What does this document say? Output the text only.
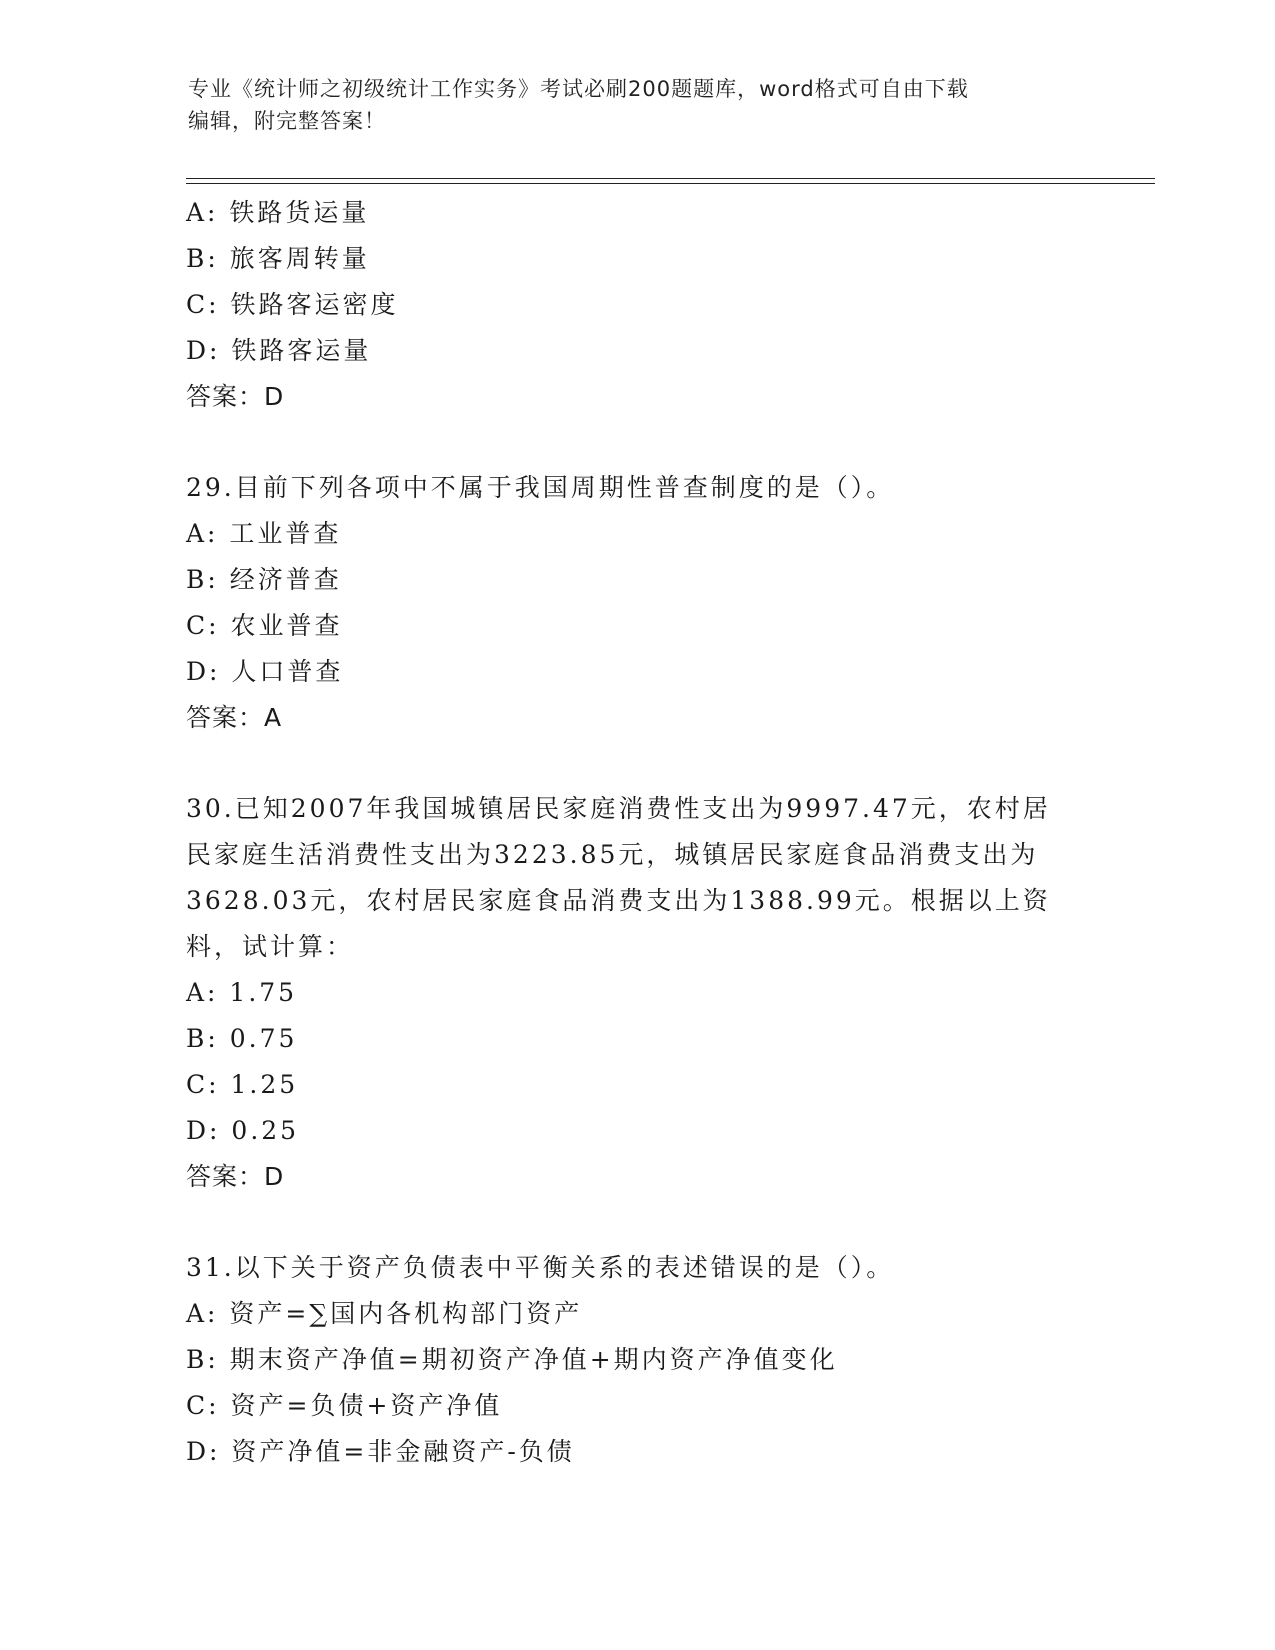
专业《统计师之初级统计工作实务》考试必刷200题题库，word格式可自由下载
编辑，附完整答案！
A: 铁路货运量
B: 旅客周转量
C: 铁路客运密度
D: 铁路客运量
答案：D
29.目前下列各项中不属于我国周期性普查制度的是（）。
A: 工业普查
B: 经济普查
C: 农业普查
D: 人口普查
答案：A
30.已知2007年我国城镇居民家庭消费性支出为9997.47元，农村居
民家庭生活消费性支出为3223.85元，城镇居民家庭食品消费支出为
3628.03元，农村居民家庭食品消费支出为1388.99元。根据以上资
料，试计算：
A: 1.75
B: 0.75
C: 1.25
D: 0.25
答案：D
31.以下关于资产负债表中平衡关系的表述错误的是（）。
A: 资产=∑国内各机构部门资产
B: 期末资产净值=期初资产净值+期内资产净值变化
C: 资产=负债+资产净值
D: 资产净值=非金融资产-负债
